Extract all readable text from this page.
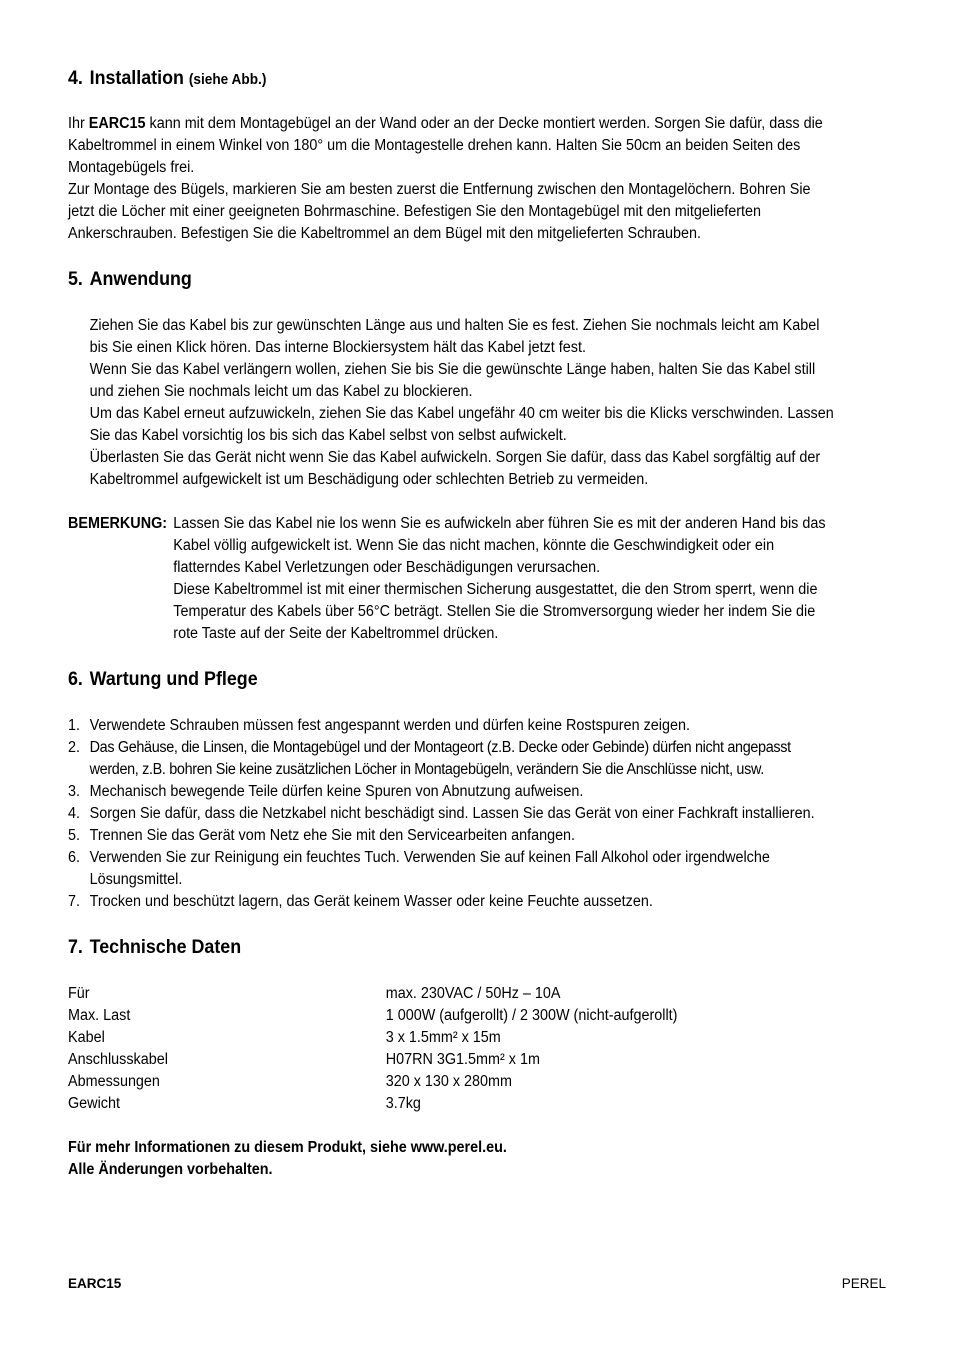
4. Installation (siehe Abb.)

Ihr EARC15 kann mit dem Montagebügel an der Wand oder an der Decke montiert werden. Sorgen Sie dafür, dass die Kabeltrommel in einem Winkel von 180° um die Montagestelle drehen kann. Halten Sie 50cm an beiden Seiten des Montagebügels frei.

Zur Montage des Bügels, markieren Sie am besten zuerst die Entfernung zwischen den Montagelöchern. Bohren Sie jetzt die Löcher mit einer geeigneten Bohrmaschine. Befestigen Sie den Montagebügel mit den mitgelieferten Ankerschrauben. Befestigen Sie die Kabeltrommel an dem Bügel mit den mitgelieferten Schrauben.

5. Anwendung

Ziehen Sie das Kabel bis zur gewünschten Länge aus und halten Sie es fest. Ziehen Sie nochmals leicht am Kabel bis Sie einen Klick hören. Das interne Blockiersystem hält das Kabel jetzt fest.

Wenn Sie das Kabel verlängern wollen, ziehen Sie bis Sie die gewünschte Länge haben, halten Sie das Kabel still und ziehen Sie nochmals leicht um das Kabel zu blockieren.

Um das Kabel erneut aufzuwickeln, ziehen Sie das Kabel ungefähr 40 cm weiter bis die Klicks verschwinden. Lassen Sie das Kabel vorsichtig los bis sich das Kabel selbst von selbst aufwickelt.

Überlasten Sie das Gerät nicht wenn Sie das Kabel aufwickeln. Sorgen Sie dafür, dass das Kabel sorgfältig auf der Kabeltrommel aufgewickelt ist um Beschädigung oder schlechten Betrieb zu vermeiden.

BEMERKUNG: Lassen Sie das Kabel nie los wenn Sie es aufwickeln aber führen Sie es mit der anderen Hand bis das Kabel völlig aufgewickelt ist. Wenn Sie das nicht machen, könnte die Geschwindigkeit oder ein flatterndes Kabel Verletzungen oder Beschädigungen verursachen.

Diese Kabeltrommel ist mit einer thermischen Sicherung ausgestattet, die den Strom sperrt, wenn die Temperatur des Kabels über 56°C beträgt. Stellen Sie die Stromversorgung wieder her indem Sie die rote Taste auf der Seite der Kabeltrommel drücken.

6. Wartung und Pflege
1. Verwendete Schrauben müssen fest angespannt werden und dürfen keine Rostspuren zeigen.
2. Das Gehäuse, die Linsen, die Montagebügel und der Montageort (z.B. Decke oder Gebinde) dürfen nicht angepasst werden, z.B. bohren Sie keine zusätzlichen Löcher in Montagebügeln, verändern Sie die Anschlüsse nicht, usw.
3. Mechanisch bewegende Teile dürfen keine Spuren von Abnutzung aufweisen.
4. Sorgen Sie dafür, dass die Netzkabel nicht beschädigt sind. Lassen Sie das Gerät von einer Fachkraft installieren.
5. Trennen Sie das Gerät vom Netz ehe Sie mit den Servicearbeiten anfangen.
6. Verwenden Sie zur Reinigung ein feuchtes Tuch. Verwenden Sie auf keinen Fall Alkohol oder irgendwelche Lösungsmittel.
7. Trocken und beschützt lagern, das Gerät keinem Wasser oder keine Feuchte aussetzen.
7. Technische Daten
Für	max. 230VAC / 50Hz – 10A
Max. Last	1 000W (aufgerollt) / 2 300W (nicht-aufgerollt)
Kabel	3 x 1.5mm² x 15m
Anschlusskabel	H07RN 3G1.5mm² x 1m
Abmessungen	320 x 130 x 280mm
Gewicht	3.7kg

Für mehr Informationen zu diesem Produkt, siehe www.perel.eu.

Alle Änderungen vorbehalten.

EARC15	PEREL
